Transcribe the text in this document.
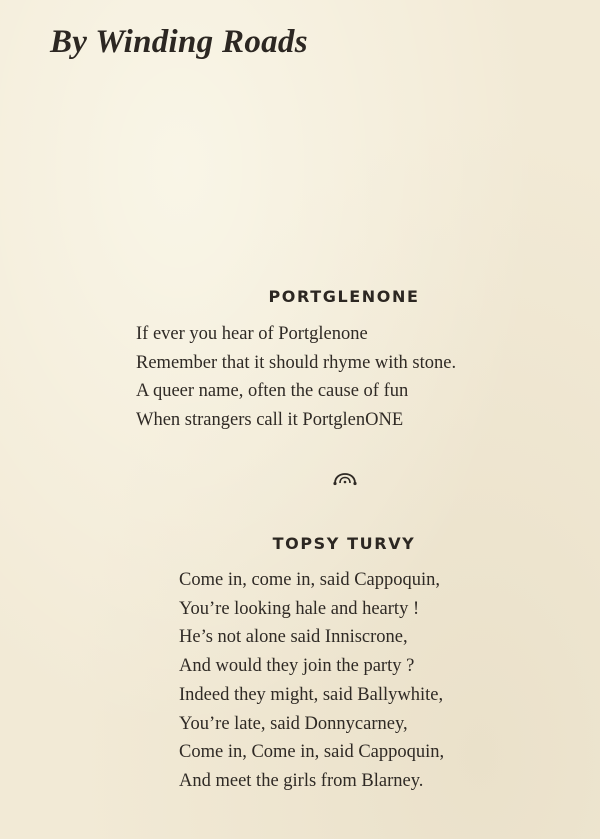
By Winding Roads
PORTGLENONE
If ever you hear of Portglenone
Remember that it should rhyme with stone.
A queer name, often the cause of fun
When strangers call it PortglenONE
TOPSY TURVY
Come in, come in, said Cappoquin,
You’re looking hale and hearty !
He’s not alone said Inniscrone,
And would they join the party ?
Indeed they might, said Ballywhite,
You’re late, said Donnycarney,
Come in, Come in, said Cappoquin,
And meet the girls from Blarney.
